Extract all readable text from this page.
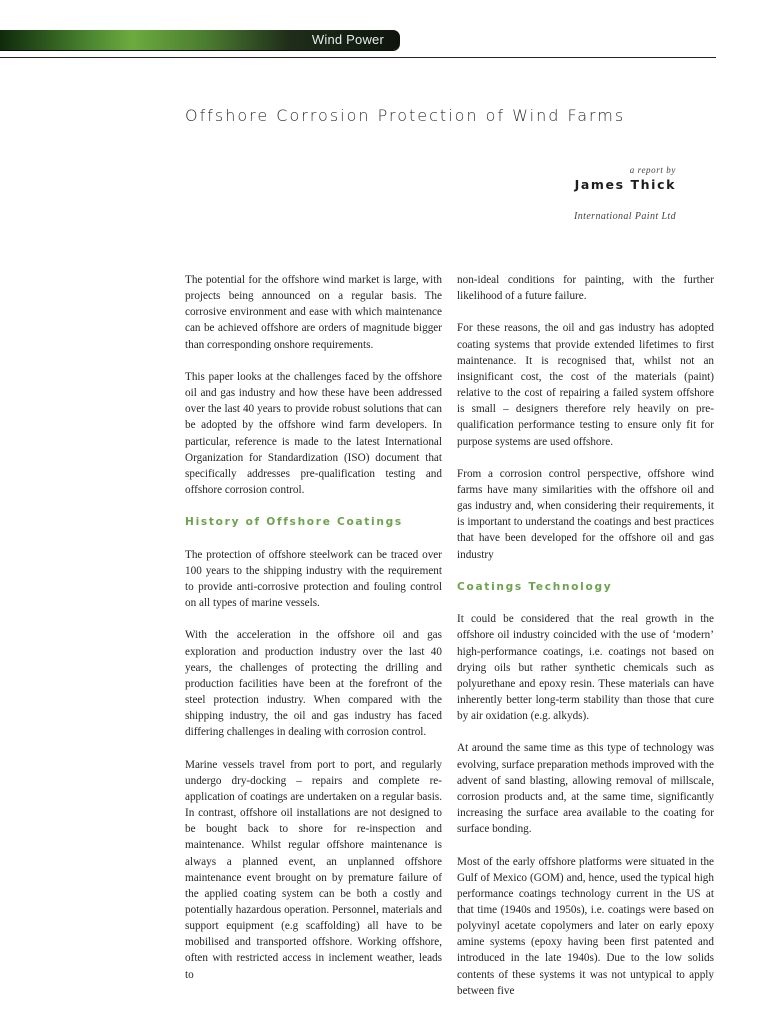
Wind Power
Offshore Corrosion Protection of Wind Farms
a report by
James Thick
International Paint Ltd

The potential for the offshore wind market is large, with projects being announced on a regular basis. The corrosive environment and ease with which maintenance can be achieved offshore are orders of magnitude bigger than corresponding onshore requirements.

This paper looks at the challenges faced by the offshore oil and gas industry and how these have been addressed over the last 40 years to provide robust solutions that can be adopted by the offshore wind farm developers. In particular, reference is made to the latest International Organization for Standardization (ISO) document that specifically addresses pre-qualification testing and offshore corrosion control.

History of Offshore Coatings

The protection of offshore steelwork can be traced over 100 years to the shipping industry with the requirement to provide anti-corrosive protection and fouling control on all types of marine vessels.

With the acceleration in the offshore oil and gas exploration and production industry over the last 40 years, the challenges of protecting the drilling and production facilities have been at the forefront of the steel protection industry. When compared with the shipping industry, the oil and gas industry has faced differing challenges in dealing with corrosion control.

Marine vessels travel from port to port, and regularly undergo dry-docking – repairs and complete re-application of coatings are undertaken on a regular basis. In contrast, offshore oil installations are not designed to be bought back to shore for re-inspection and maintenance. Whilst regular offshore maintenance is always a planned event, an unplanned offshore maintenance event brought on by premature failure of the applied coating system can be both a costly and potentially hazardous operation. Personnel, materials and support equipment (e.g scaffolding) all have to be mobilised and transported offshore. Working offshore, often with restricted access in inclement weather, leads to

non-ideal conditions for painting, with the further likelihood of a future failure.

For these reasons, the oil and gas industry has adopted coating systems that provide extended lifetimes to first maintenance. It is recognised that, whilst not an insignificant cost, the cost of the materials (paint) relative to the cost of repairing a failed system offshore is small – designers therefore rely heavily on pre-qualification performance testing to ensure only fit for purpose systems are used offshore.

From a corrosion control perspective, offshore wind farms have many similarities with the offshore oil and gas industry and, when considering their requirements, it is important to understand the coatings and best practices that have been developed for the offshore oil and gas industry

Coatings Technology

It could be considered that the real growth in the offshore oil industry coincided with the use of ‘modern’ high-performance coatings, i.e. coatings not based on drying oils but rather synthetic chemicals such as polyurethane and epoxy resin. These materials can have inherently better long-term stability than those that cure by air oxidation (e.g. alkyds).

At around the same time as this type of technology was evolving, surface preparation methods improved with the advent of sand blasting, allowing removal of millscale, corrosion products and, at the same time, significantly increasing the surface area available to the coating for surface bonding.

Most of the early offshore platforms were situated in the Gulf of Mexico (GOM) and, hence, used the typical high performance coatings technology current in the US at that time (1940s and 1950s), i.e. coatings were based on polyvinyl acetate copolymers and later on early epoxy amine systems (epoxy having been first patented and introduced in the late 1940s). Due to the low solids contents of these systems it was not untypical to apply between five
